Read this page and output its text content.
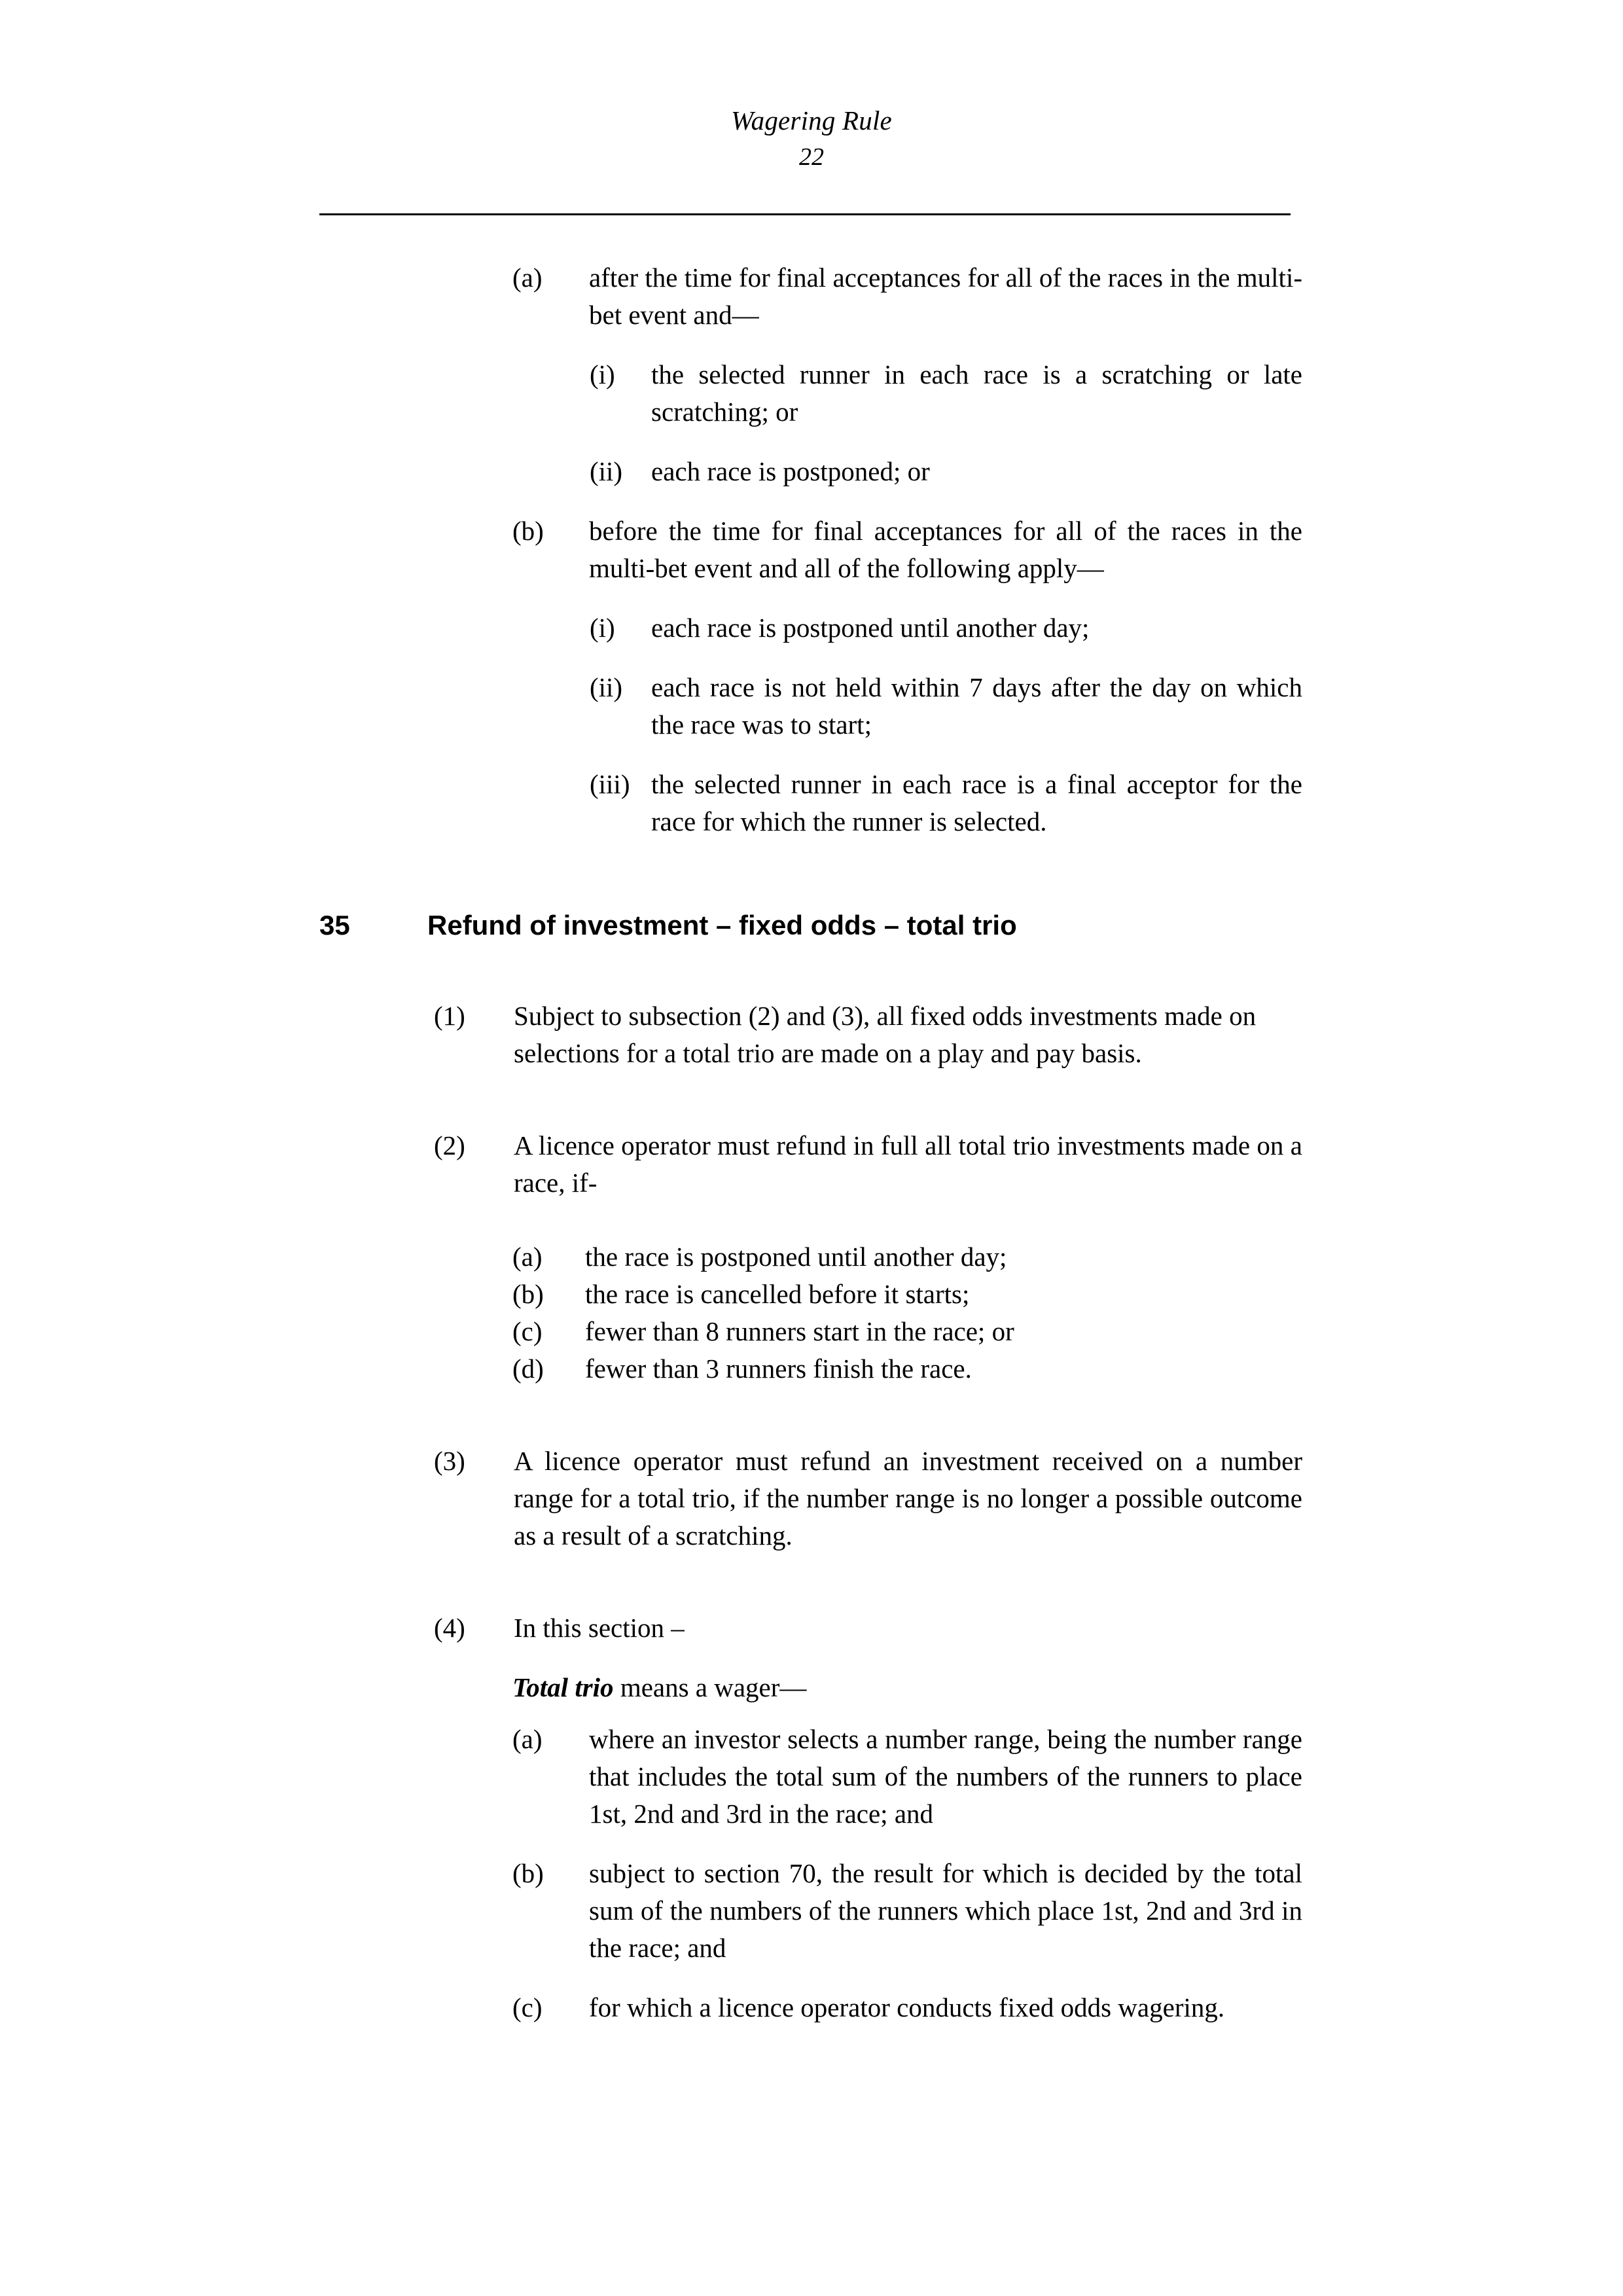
Wagering Rule
22
(a)	after the time for final acceptances for all of the races in the multi-bet event and—
(i)	the selected runner in each race is a scratching or late scratching; or
(ii)	each race is postponed; or
(b)	before the time for final acceptances for all of the races in the multi-bet event and all of the following apply—
(i)	each race is postponed until another day;
(ii)	each race is not held within 7 days after the day on which the race was to start;
(iii) the selected runner in each race is a final acceptor for the race for which the runner is selected.
35	Refund of investment – fixed odds – total trio
(1)	Subject to subsection (2) and (3), all fixed odds investments made on selections for a total trio are made on a play and pay basis.
(2)	A licence operator must refund in full all total trio investments made on a race, if-
(a)	the race is postponed until another day;
(b)	the race is cancelled before it starts;
(c)	fewer than 8 runners start in the race; or
(d)	fewer than 3 runners finish the race.
(3)	A licence operator must refund an investment received on a number range for a total trio, if the number range is no longer a possible outcome as a result of a scratching.
(4)	In this section –
Total trio means a wager—
(a)	where an investor selects a number range, being the number range that includes the total sum of the numbers of the runners to place 1st, 2nd and 3rd in the race; and
(b)	subject to section 70, the result for which is decided by the total sum of the numbers of the runners which place 1st, 2nd and 3rd in the race; and
(c)	for which a licence operator conducts fixed odds wagering.
